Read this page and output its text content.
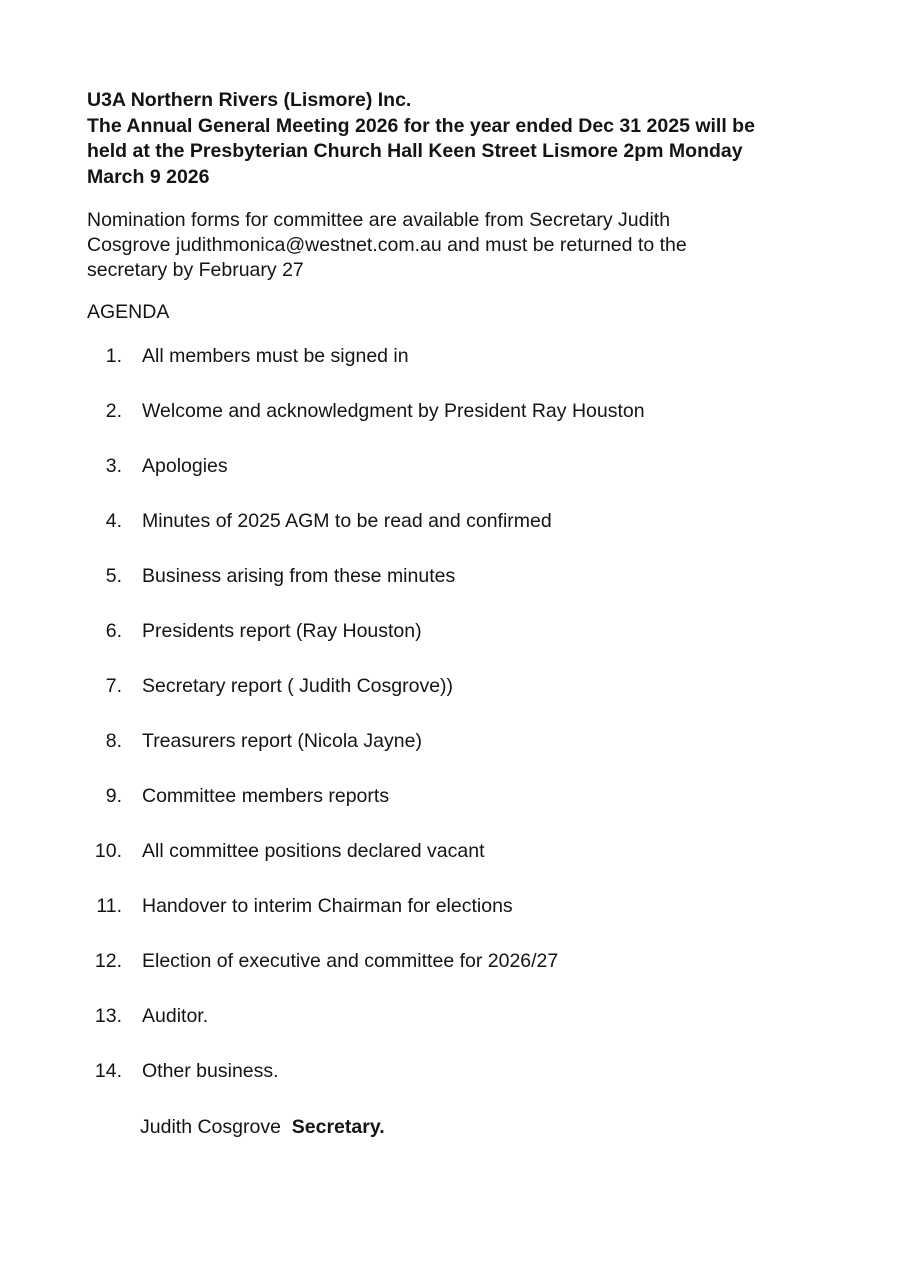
U3A Northern Rivers (Lismore) Inc.
The Annual General Meeting 2026 for the year ended Dec 31 2025 will be
held at the Presbyterian Church Hall Keen Street Lismore 2pm Monday
March 9 2026
Nomination forms for committee are available from Secretary Judith
Cosgrove judithmonica@westnet.com.au and must be returned to the
secretary by February 27
AGENDA
1. All members must be signed in
2. Welcome and acknowledgment by President Ray Houston
3. Apologies
4. Minutes of 2025 AGM to be read and confirmed
5. Business arising from these minutes
6. Presidents report (Ray Houston)
7. Secretary report ( Judith Cosgrove))
8. Treasurers report (Nicola Jayne)
9. Committee members reports
10. All committee positions declared vacant
11. Handover to interim Chairman for elections
12. Election of executive and committee for 2026/27
13. Auditor.
14. Other business.
Judith Cosgrove Secretary.
